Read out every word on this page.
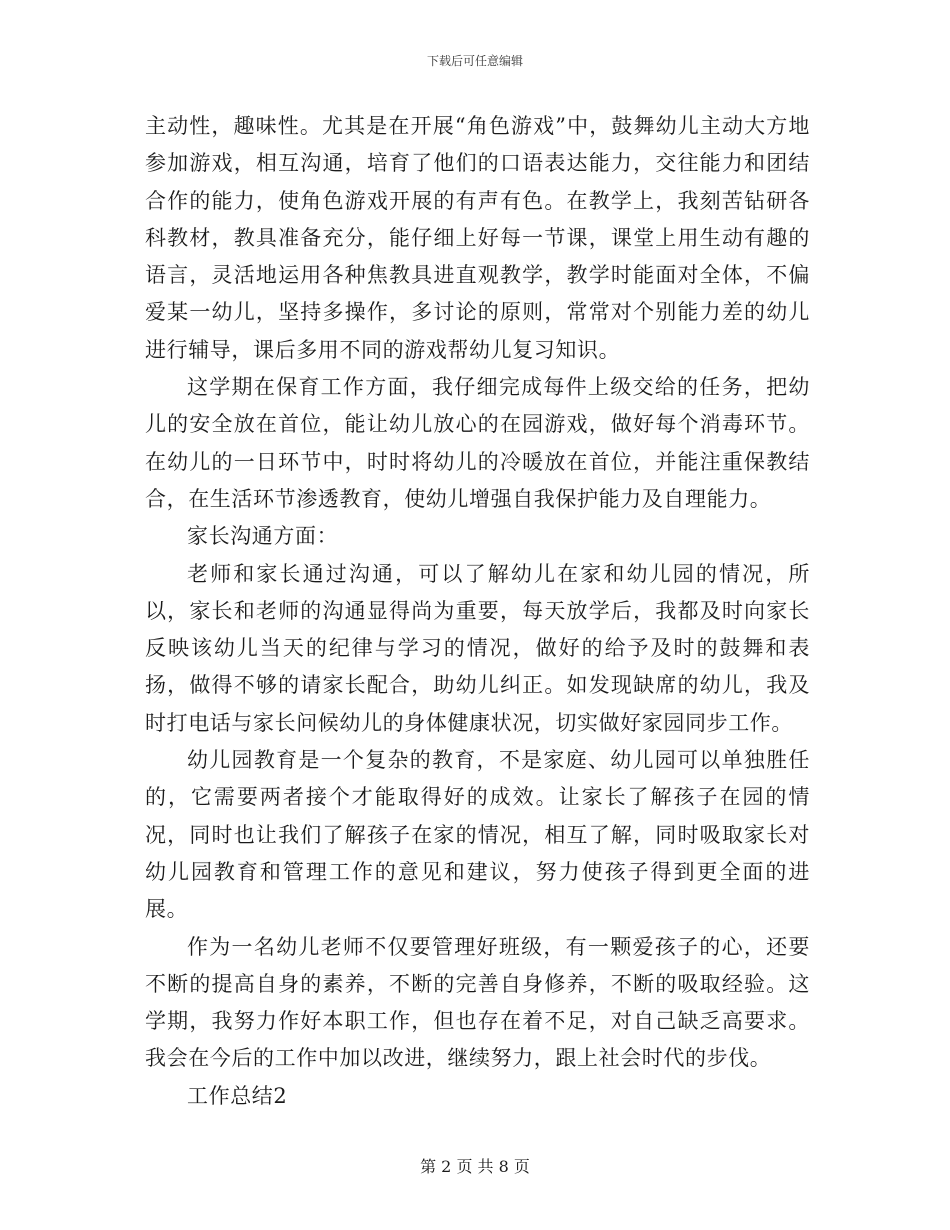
下载后可任意编辑

主动性，趣味性。尤其是在开展“角色游戏”中，鼓舞幼儿主动大方地参加游戏，相互沟通，培育了他们的口语表达能力，交往能力和团结合作的能力，使角色游戏开展的有声有色。在教学上，我刻苦钻研各科教材，教具准备充分，能仔细上好每一节课，课堂上用生动有趣的语言，灵活地运用各种焦教具进直观教学，教学时能面对全体，不偏爱某一幼儿，坚持多操作，多讨论的原则，常常对个别能力差的幼儿进行辅导，课后多用不同的游戏帮幼儿复习知识。

这学期在保育工作方面，我仔细完成每件上级交给的任务，把幼儿的安全放在首位，能让幼儿放心的在园游戏，做好每个消毒环节。在幼儿的一日环节中，时时将幼儿的冷暖放在首位，并能注重保教结合，在生活环节渗透教育，使幼儿增强自我保护能力及自理能力。

家长沟通方面：

老师和家长通过沟通，可以了解幼儿在家和幼儿园的情况，所以，家长和老师的沟通显得尚为重要，每天放学后，我都及时向家长反映该幼儿当天的纪律与学习的情况，做好的给予及时的鼓舞和表扬，做得不够的请家长配合，助幼儿纠正。如发现缺席的幼儿，我及时打电话与家长问候幼儿的身体健康状况，切实做好家园同步工作。

幼儿园教育是一个复杂的教育，不是家庭、幼儿园可以单独胜任的，它需要两者接个才能取得好的成效。让家长了解孩子在园的情况，同时也让我们了解孩子在家的情况，相互了解，同时吸取家长对幼儿园教育和管理工作的意见和建议，努力使孩子得到更全面的进展。

作为一名幼儿老师不仅要管理好班级，有一颗爱孩子的心，还要不断的提高自身的素养，不断的完善自身修养，不断的吸取经验。这学期，我努力作好本职工作，但也存在着不足，对自己缺乏高要求。我会在今后的工作中加以改进，继续努力，跟上社会时代的步伐。

工作总结2

第 2 页 共 8 页
